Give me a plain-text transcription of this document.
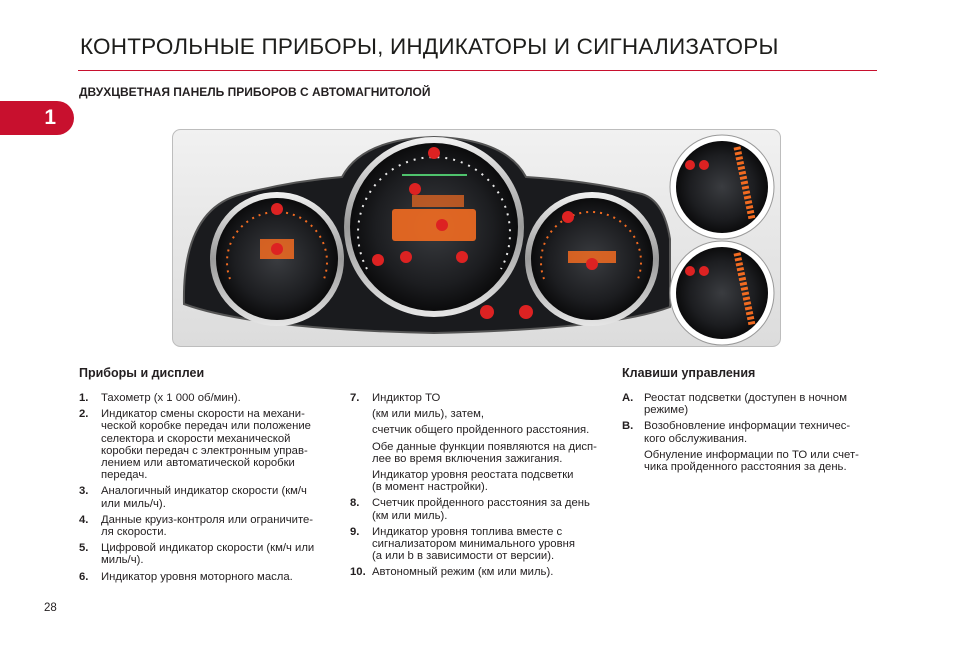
КОНТРОЛЬНЫЕ ПРИБОРЫ, ИНДИКАТОРЫ И СИГНАЛИЗАТОРЫ
ДВУХЦВЕТНАЯ ПАНЕЛЬ ПРИБОРОВ С АВТОМАГНИТОЛОЙ
1
Приборы и дисплеи
1. Тахометр (x 1 000 об/мин).

2. Индикатор смены скорости на механи-
ческой коробке передач или положение
селектора и скорости механической
коробки передач с электронным управ-
лением или автоматической коробки
передач.

3. Аналогичный индикатор скорости (км/ч
или миль/ч).

4. Данные круиз-контроля или ограничите-
ля скорости.

5. Цифровой индикатор скорости (км/ч или
миль/ч).

6. Индикатор уровня моторного масла.

7. Индиктор ТО

(км или миль), затем,

счетчик общего пройденного расстояния.

Обе данные функции появляются на дисп-
лее во время включения зажигания.

Индикатор уровня реостата подсветки
(в момент настройки).

8. Счетчик пройденного расстояния за день
(км или миль).

9. Индикатор уровня топлива вместе с
сигнализатором минимального уровня
(a или b в зависимости от версии).

10. Автономный режим (км или миль).

Клавиши управления
A. Реостат подсветки (доступен в ночном
режиме)

B. Возобновление информации техничес-
кого обслуживания.

Обнуление информации по ТО или счет-
чика пройденного расстояния за день.

28
